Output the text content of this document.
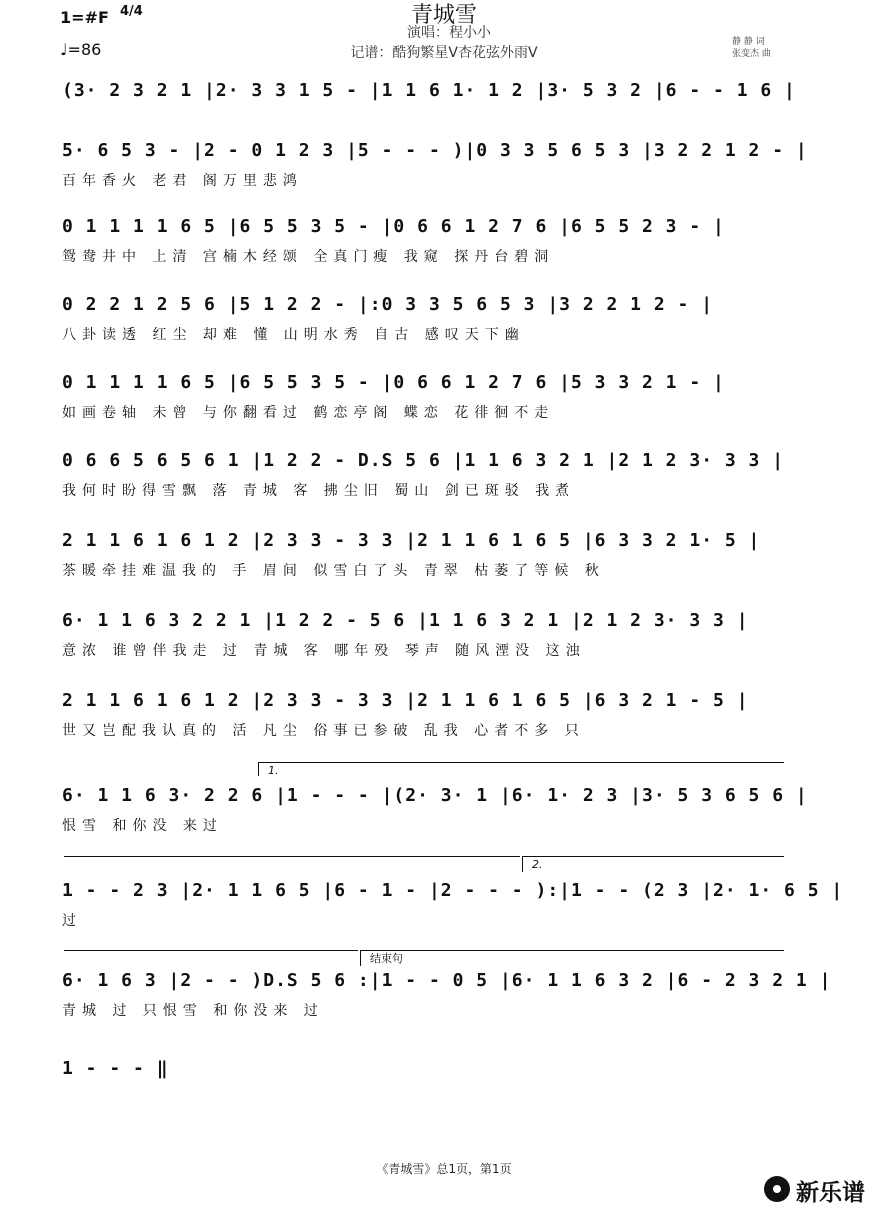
青城雪
演唱：程小小
记谱：酷狗繁星V杏花弦外雨V
1=#F 4/4
♩=86	静 静 词
张变杰 曲
(3· 2 3 2 1 |2· 3 3 1 5 - |1 1 6 1· 1 2 |3· 5 3 2 |6 - - 1 6 |
5· 6 5 3 - |2 - 0 1 2 3 |5 - - - )|0 3 3 5 6 5 3 |3 2 2 1 2 - |
百年香火 老君 阁万里悲鸿
0 1 1 1 1 6 5 |6 5 5 3 5 - |0 6 6 1 2 7 6 |6 5 5 2 3 - |
鸳鸯井中 上清 宫楠木经颂 全真门瘦 我窥 探丹台碧洞
0 2 2 1 2 5 6 |5 1 2 2 - |:0 3 3 5 6 5 3 |3 2 2 1 2 - |
八卦读透 红尘 却难 懂 山明水秀 自古 感叹天下幽
0 1 1 1 1 6 5 |6 5 5 3 5 - |0 6 6 1 2 7 6 |5 3 3 2 1 - |
如画卷轴 未曾 与你翻看过 鹤恋亭阁 蝶恋 花徘徊不走
0 6 6 5 6 5 6 1 |1 2 2 - D.S 5 6 |1 1 6 3 2 1 |2 1 2 3· 3 3 |
我何时盼得雪飘 落 青城 客 拂尘旧 蜀山 剑已斑驳 我煮
2 1 1 6 1 6 1 2 |2 3 3 - 3 3 |2 1 1 6 1 6 5 |6 3 3 2 1· 5 |
茶暖牵挂难温我的 手 眉间 似雪白了头 青翠 枯萎了等候 秋
6· 1 1 6 3 2 2 1 |1 2 2 - 5 6 |1 1 6 3 2 1 |2 1 2 3· 3 3 |
意浓 谁曾伴我走 过 青城 客 哪年殁 琴声 随风湮没 这浊
2 1 1 6 1 6 1 2 |2 3 3 - 3 3 |2 1 1 6 1 6 5 |6 3 2 1 - 5 |
世又岂配我认真的 活 凡尘 俗事已参破 乱我 心者不多 只
6· 1 1 6 3· 2 2 6 |1 - - - |(2· 3· 1 |6· 1· 2 3 |3· 5 3 6 5 6 |
恨雪 和你没 来过
1 - - 2 3 |2· 1 1 6 5 |6 - 1 - |2 - - - ):|1 - - (2 3 |2· 1· 6 5 |
过
6· 1 6 3 |2 - - )D.S 5 6 :|1 - - 0 5 |6· 1 1 6 3 2 |6 - 2 3 2 1 |
青城 过 只恨雪 和你没来 过
1 - - - ‖
1.
2.
结束句
《青城雪》总1页，第1页
新乐谱
